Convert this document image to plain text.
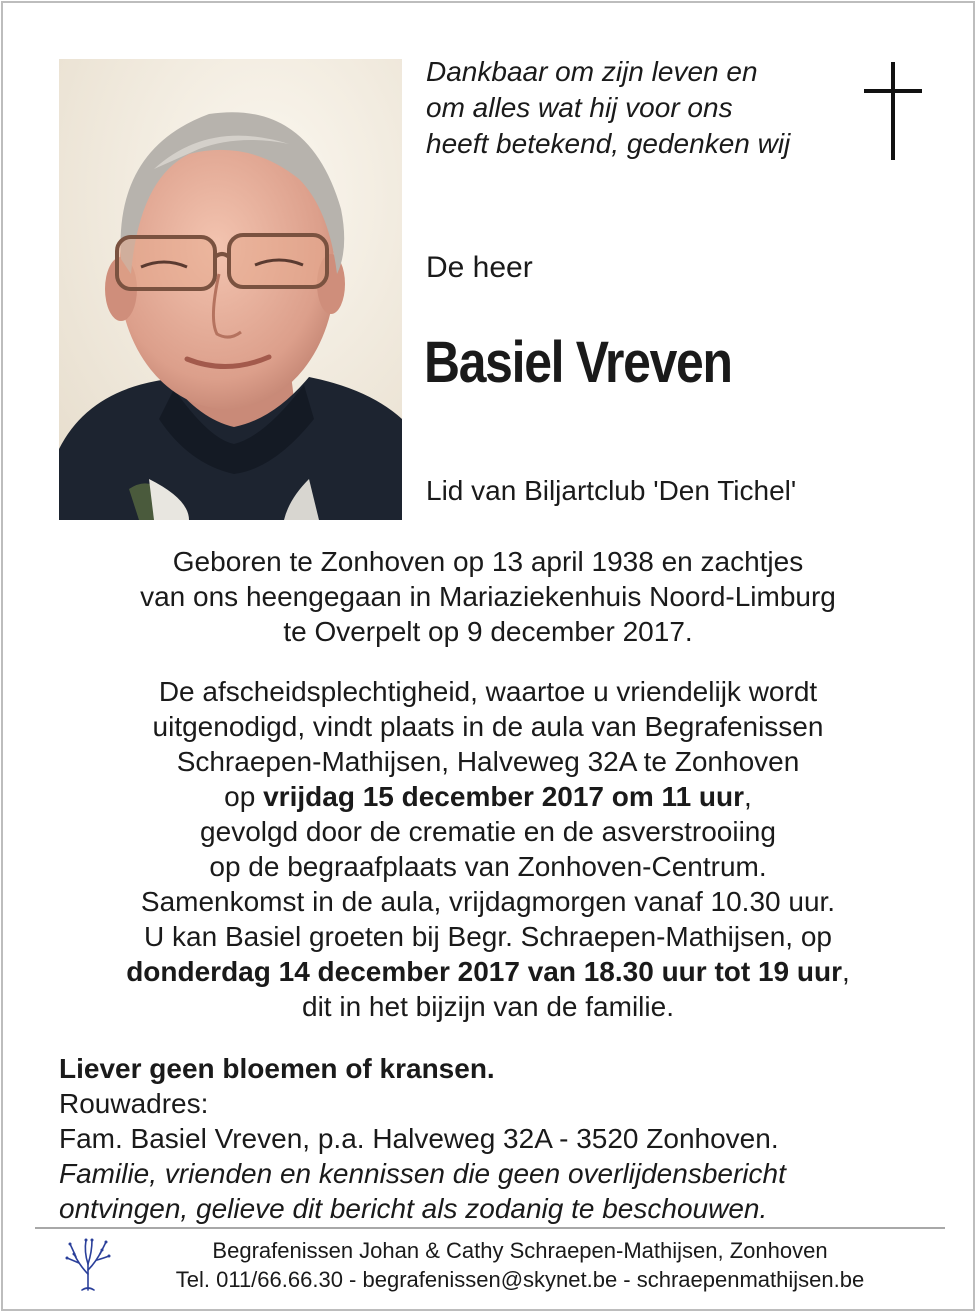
Dankbaar om zijn leven en
om alles wat hij voor ons
heeft betekend, gedenken wij
De heer
Basiel Vreven
Lid van Biljartclub 'Den Tichel'
Geboren te Zonhoven op 13 april 1938 en zachtjes
van ons heengegaan in Mariaziekenhuis Noord-Limburg
te Overpelt op 9 december 2017.
De afscheidsplechtigheid, waartoe u vriendelijk wordt
uitgenodigd, vindt plaats in de aula van Begrafenissen
Schraepen-Mathijsen, Halveweg 32A te Zonhoven
op vrijdag 15 december 2017 om 11 uur,
gevolgd door de crematie en de asverstrooiing
op de begraafplaats van Zonhoven-Centrum.
Samenkomst in de aula, vrijdagmorgen vanaf 10.30 uur.
U kan Basiel groeten bij Begr. Schraepen-Mathijsen, op
donderdag 14 december 2017 van 18.30 uur tot 19 uur,
dit in het bijzijn van de familie.
Liever geen bloemen of kransen.
Rouwadres:
Fam. Basiel Vreven, p.a. Halveweg 32A - 3520 Zonhoven.
Familie, vrienden en kennissen die geen overlijdensbericht
ontvingen, gelieve dit bericht als zodanig te beschouwen.
Begrafenissen Johan & Cathy Schraepen-Mathijsen, Zonhoven
Tel. 011/66.66.30 - begrafenissen@skynet.be - schraepenmathijsen.be
